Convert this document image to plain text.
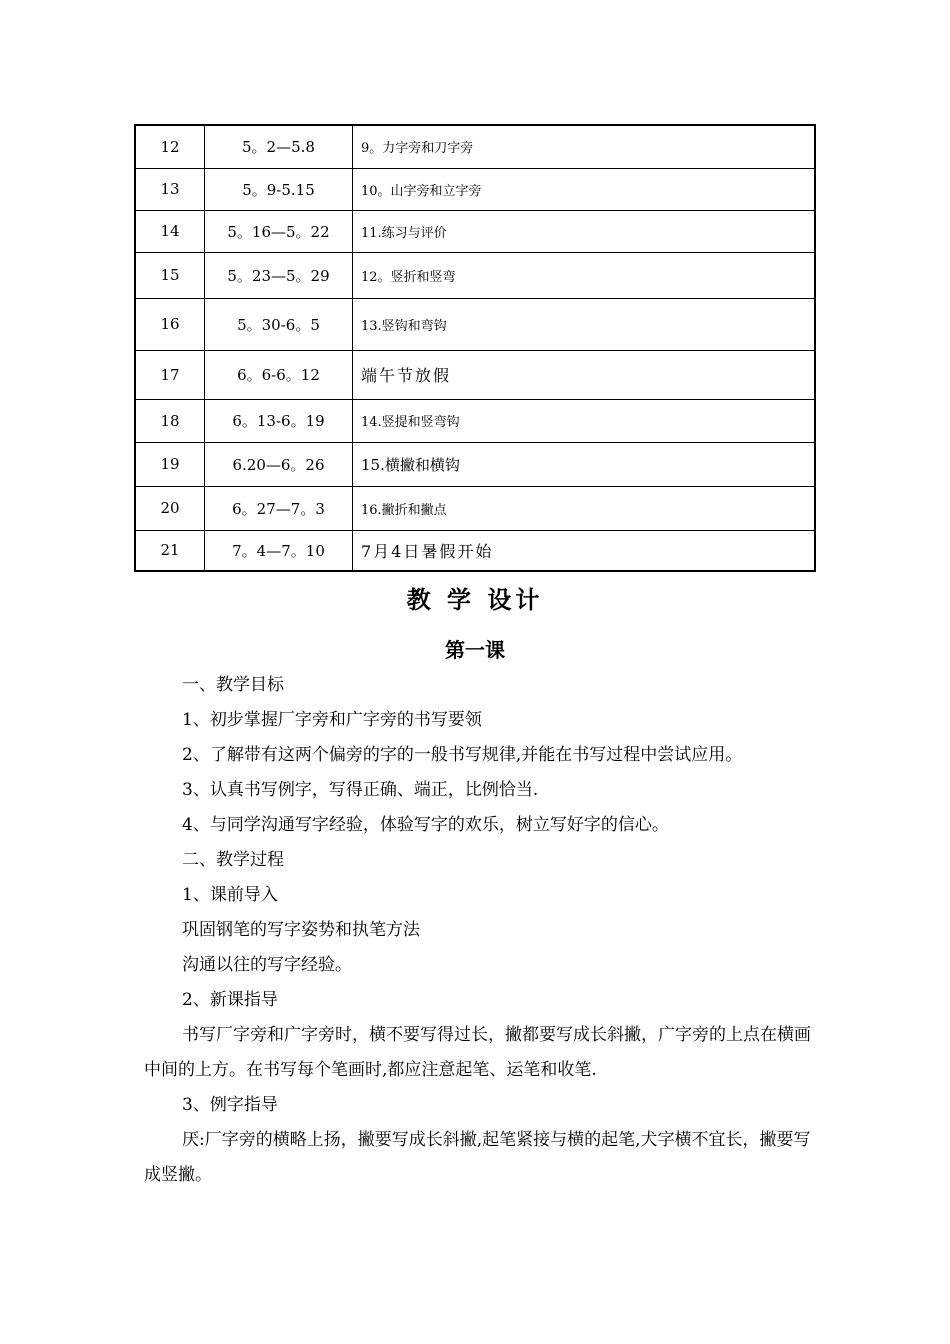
12	5。2—5.8	9。力字旁和刀字旁
13	5。9-5.15	10。山字旁和立字旁
14	5。16—5。22	11.练习与评价
15	5。23—5。29	12。竖折和竖弯
16	5。30-6。5	13.竖钩和弯钩
17	6。6-6。12	端午节放假
18	6。13-6。19	14.竖提和竖弯钩
19	6.20—6。26	15.横撇和横钩
20	6。27—7。3	16.撇折和撇点
21	7。4—7。10	7月4日暑假开始
教 学 设计
第一课

一、教学目标

1、初步掌握厂字旁和广字旁的书写要领

2、了解带有这两个偏旁的字的一般书写规律,并能在书写过程中尝试应用。

3、认真书写例字，写得正确、端正，比例恰当.

4、与同学沟通写字经验，体验写字的欢乐，树立写好字的信心。

二、教学过程

1、课前导入

巩固钢笔的写字姿势和执笔方法

沟通以往的写字经验。

2、新课指导

书写厂字旁和广字旁时，横不要写得过长，撇都要写成长斜撇，广字旁的上点在横画中间的上方。在书写每个笔画时,都应注意起笔、运笔和收笔.

3、例字指导

厌:厂字旁的横略上扬，撇要写成长斜撇,起笔紧接与横的起笔,犬字横不宜长，撇要写成竖撇。
